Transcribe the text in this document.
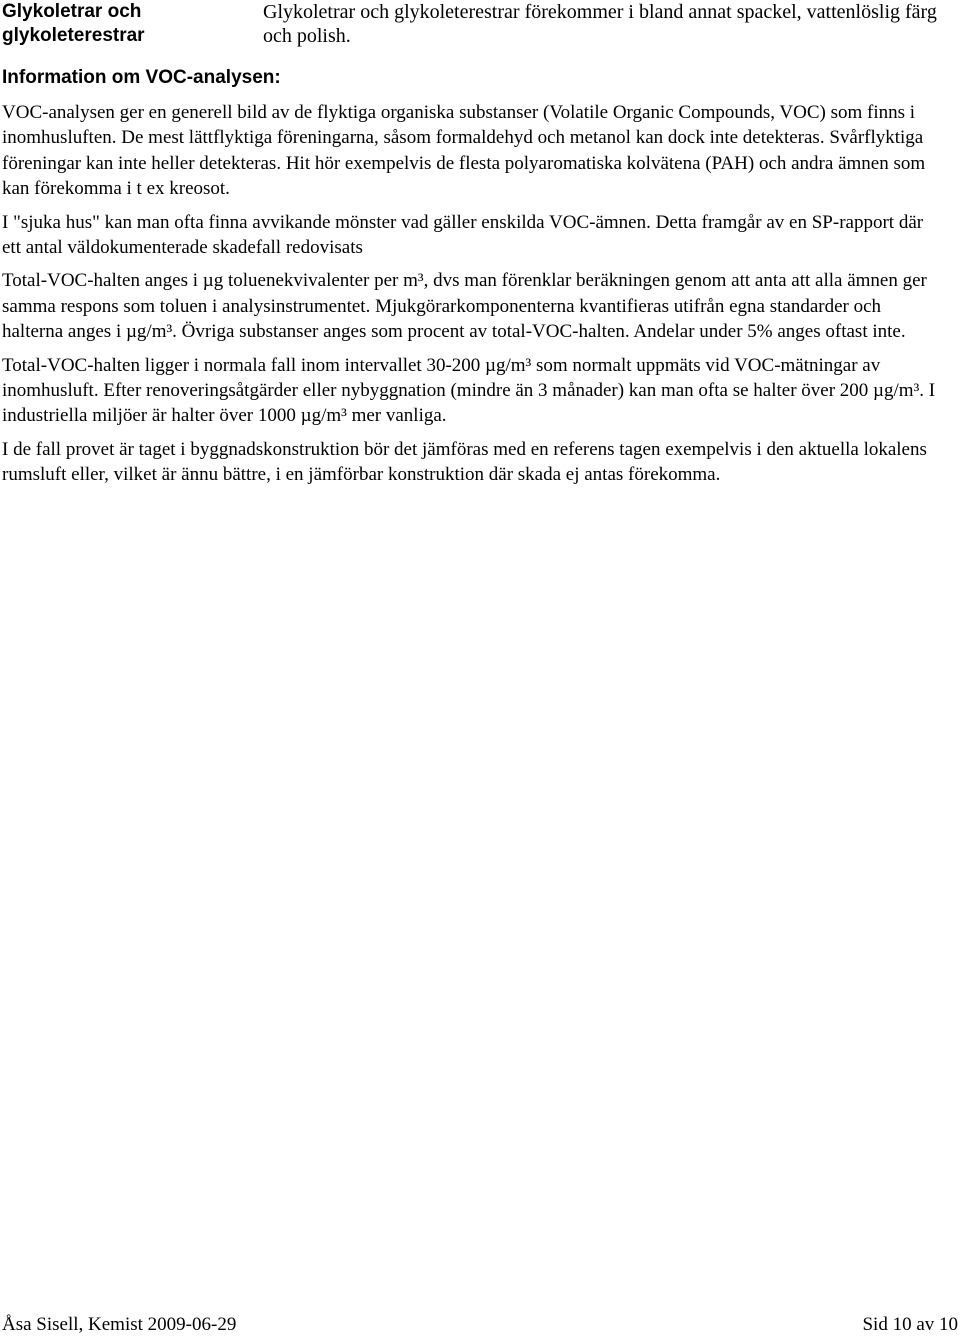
Glykoletrar och glykoleterestrar
Glykoletrar och glykoleterestrar förekommer i bland annat spackel, vattenlöslig färg och polish.
Information om VOC-analysen:

VOC-analysen ger en generell bild av de flyktiga organiska substanser (Volatile Organic Compounds, VOC) som finns i inomhusluften. De mest lättflyktiga föreningarna, såsom formaldehyd och metanol kan dock inte detekteras. Svårflyktiga föreningar kan inte heller detekteras. Hit hör exempelvis de flesta polyaromatiska kolvätena (PAH) och andra ämnen som kan förekomma i t ex kreosot.

I "sjuka hus" kan man ofta finna avvikande mönster vad gäller enskilda VOC-ämnen. Detta framgår av en SP-rapport där ett antal väldokumenterade skadefall redovisats

Total-VOC-halten anges i µg toluenekvivalenter per m³, dvs man förenklar beräkningen genom att anta att alla ämnen ger samma respons som toluen i analysinstrumentet. Mjukgörarkomponenterna kvantifieras utifrån egna standarder och halterna anges i µg/m³. Övriga substanser anges som procent av total-VOC-halten. Andelar under 5% anges oftast inte.

Total-VOC-halten ligger i normala fall inom intervallet 30-200 µg/m³ som normalt uppmäts vid VOC-mätningar av inomhusluft. Efter renoveringsåtgärder eller nybyggnation (mindre än 3 månader) kan man ofta se halter över 200 µg/m³. I industriella miljöer är halter över 1000 µg/m³ mer vanliga.

I de fall provet är taget i byggnadskonstruktion bör det jämföras med en referens tagen exempelvis i den aktuella lokalens rumsluft eller, vilket är ännu bättre, i en jämförbar konstruktion där skada ej antas förekomma.

Åsa Sisell, Kemist 2009-06-29	Sid 10 av 10
